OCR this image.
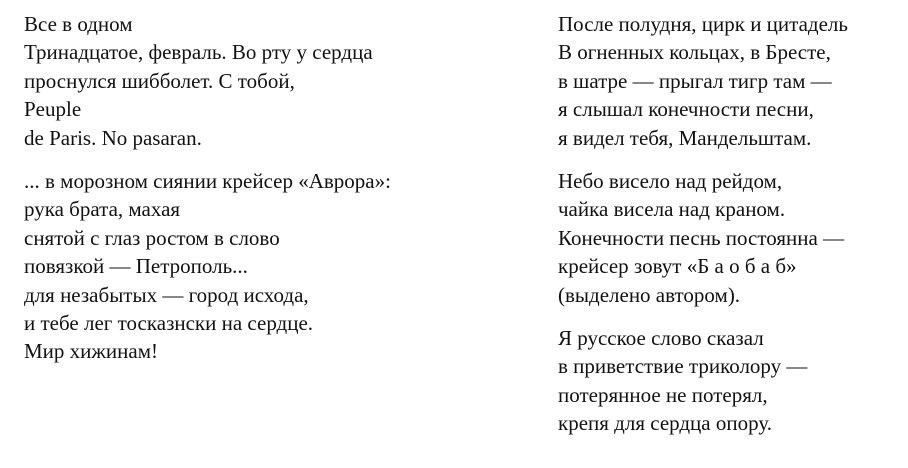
Все в одном
Тринадцатое, февраль. Во рту у сердца
проснулся шибболет. С тобой,
Peuple
de Paris. No pasaran.
... в морозном сиянии крейсер «Аврора»:
рука брата, махая
снятой с глаз ростом в слово
повязкой — Петрополь...
для незабытых — город исхода,
и тебе лег тосказнски на сердце.
Мир хижинам!
После полудня, цирк и цитадель
В огненных кольцах, в Бресте,
в шатре — прыгал тигр там —
я слышал конечности песни,
я видел тебя, Мандельштам.
Небо висело над рейдом,
чайка висела над краном.
Конечности песнь постоянна —
крейсер зовут «Б а о б а б»
(выделено автором).
Я русское слово сказал
в приветствие триколору —
потерянное не потерял,
крепя для сердца опору.
